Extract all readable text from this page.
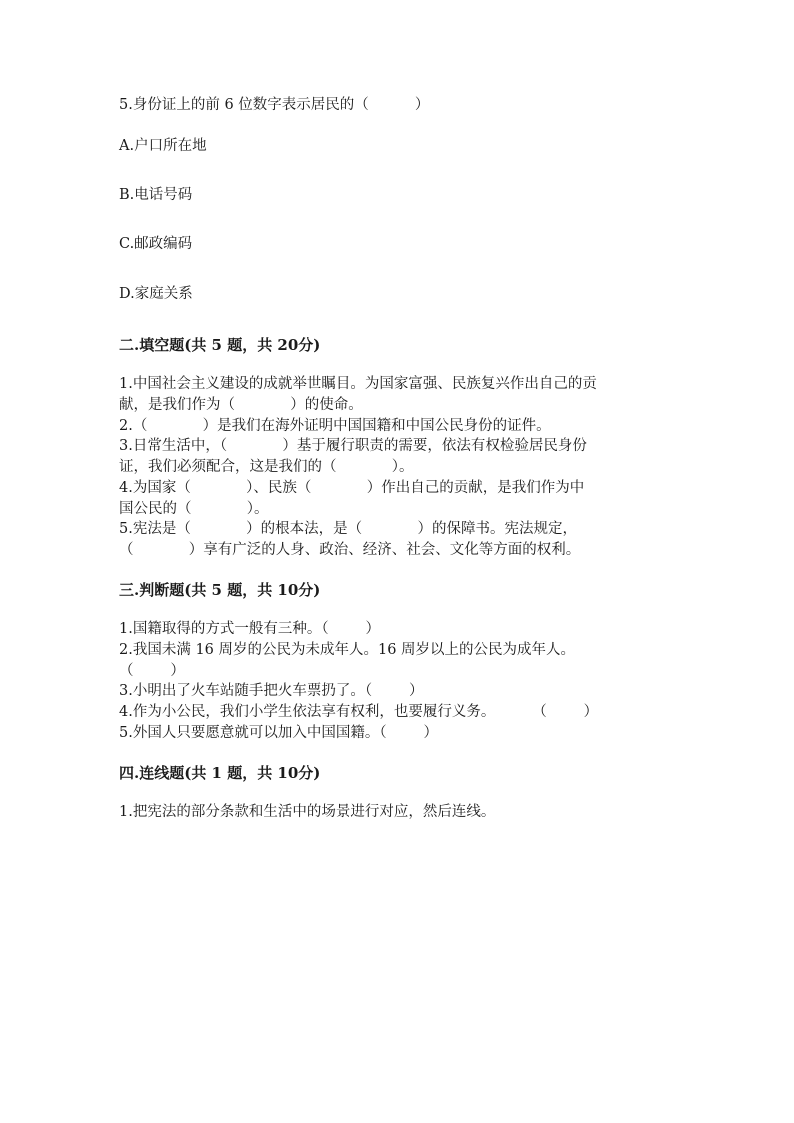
5.身份证上的前 6 位数字表示居民的（          ）
A.户口所在地
B.电话号码
C.邮政编码
D.家庭关系
二.填空题(共 5 题，共 20分)
1.中国社会主义建设的成就举世瞩目。为国家富强、民族复兴作出自己的贡
献，是我们作为（            ）的使命。
2.（            ）是我们在海外证明中国国籍和中国公民身份的证件。
3.日常生活中，（            ）基于履行职责的需要，依法有权检验居民身份
证，我们必须配合，这是我们的（            ）。
4.为国家（            ）、民族（            ）作出自己的贡献，是我们作为中
国公民的（            ）。
5.宪法是（            ）的根本法，是（            ）的保障书。宪法规定，
（            ）享有广泛的人身、政治、经济、社会、文化等方面的权利。
三.判断题(共 5 题，共 10分)
1.国籍取得的方式一般有三种。（        ）
2.我国未满 16 周岁的公民为未成年人。16 周岁以上的公民为成年人。
（        ）
3.小明出了火车站随手把火车票扔了。（        ）
4.作为小公民，我们小学生依法享有权利，也要履行义务。        （        ）
5.外国人只要愿意就可以加入中国国籍。（        ）
四.连线题(共 1 题，共 10分)
1.把宪法的部分条款和生活中的场景进行对应，然后连线。
